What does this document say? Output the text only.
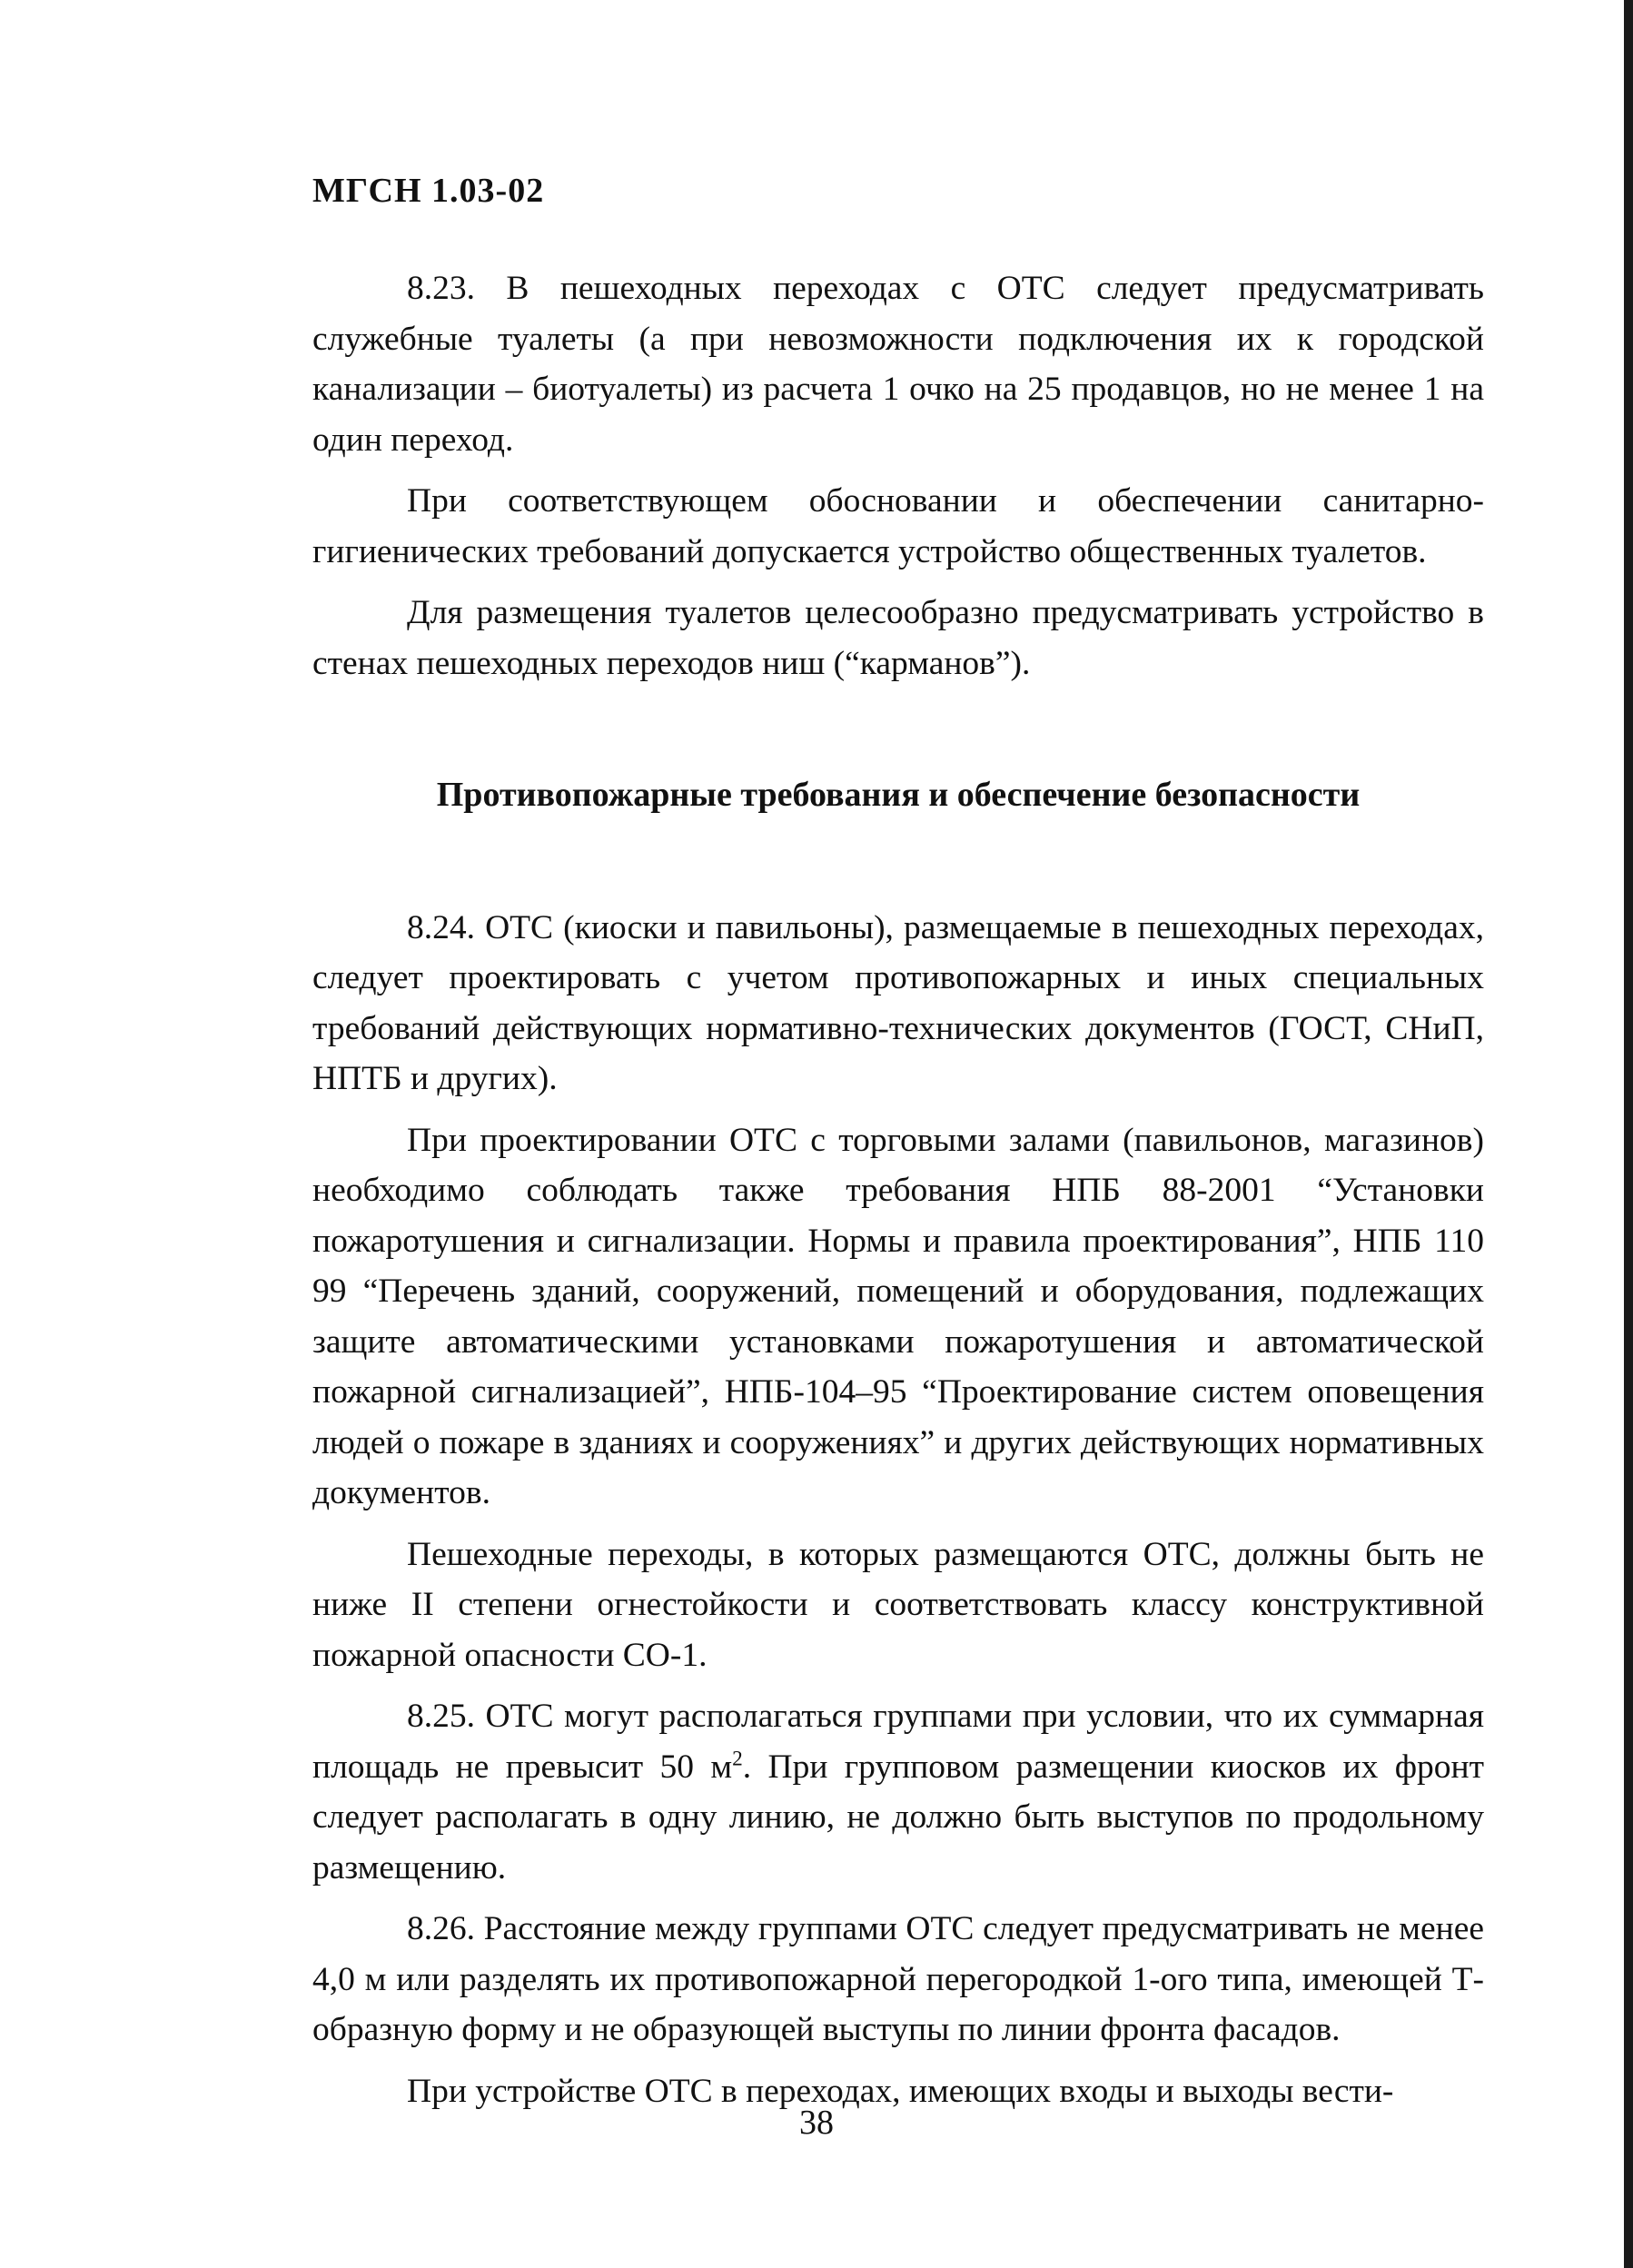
МГСН 1.03-02

8.23. В пешеходных переходах с ОТС следует предусматривать служебные туалеты (а при невозможности подключения их к городской канализации – биотуалеты) из расчета 1 очко на 25 продавцов, но не менее 1 на один переход.

При соответствующем обосновании и обеспечении санитарно-гигиенических требований допускается устройство общественных туалетов.

Для размещения туалетов целесообразно предусматривать устройство в стенах пешеходных переходов ниш (“карманов”).

Противопожарные требования и обеспечение безопасности

8.24. ОТС (киоски и павильоны), размещаемые в пешеходных переходах, следует проектировать с учетом противопожарных и иных специальных требований действующих нормативно-технических документов (ГОСТ, СНиП, НПТБ и других).

При проектировании ОТС с торговыми залами (павильонов, магазинов) необходимо соблюдать также требования НПБ 88-2001 “Установки пожаротушения и сигнализации. Нормы и правила проектирования”, НПБ 110 99 “Перечень зданий, сооружений, помещений и оборудования, подлежащих защите автоматическими установками пожаротушения и автоматической пожарной сигнализацией”, НПБ-104–95 “Проектирование систем оповещения людей о пожаре в зданиях и сооружениях” и других действующих нормативных документов.

Пешеходные переходы, в которых размещаются ОТС, должны быть не ниже II степени огнестойкости и соответствовать классу конструктивной пожарной опасности СО-1.

8.25. ОТС могут располагаться группами при условии, что их суммарная площадь не превысит 50 $м^2$. При групповом размещении киосков их фронт следует располагать в одну линию, не должно быть выступов по продольному размещению.

8.26. Расстояние между группами ОТС следует предусматривать не менее 4,0 м или разделять их противопожарной перегородкой 1-ого типа, имеющей Т-образную форму и не образующей выступы по линии фронта фасадов.

При устройстве ОТС в переходах, имеющих входы и выходы вести-

38
